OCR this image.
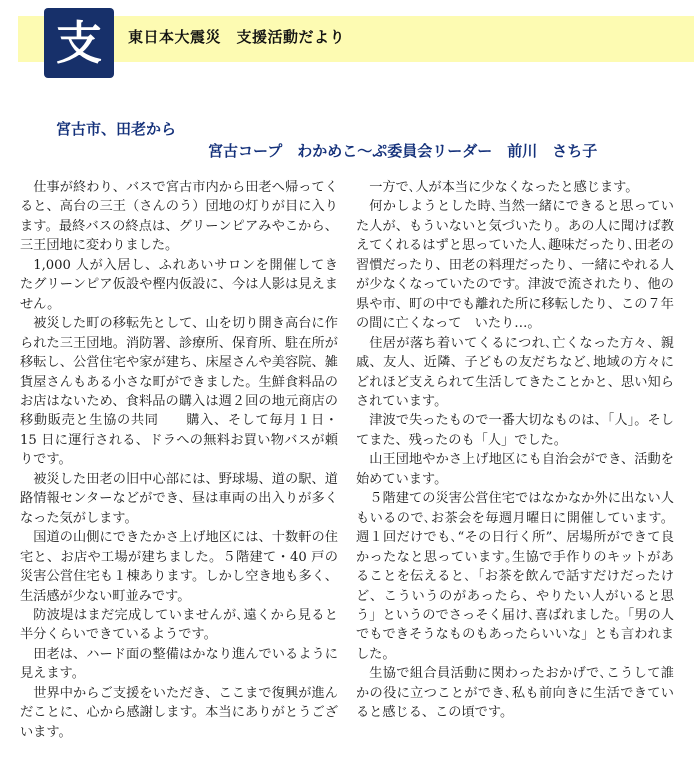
支	東日本大震災　支援活動だより
宮古市、田老から
宮古コープ　わかめこ〜ぷ委員会リーダー　前川　さち子

仕事が終わり、バスで宮古市内から田老へ帰ってくると、高台の三王（さんのう）団地の灯りが目に入ります。最終バスの終点は、グリーンピアみやこから、三王団地に変わりました。

1,000 人が入居し、ふれあいサロンを開催してきたグリーンピア仮設や樫内仮設に、今は人影は見えません。

被災した町の移転先として、山を切り開き高台に作られた三王団地。消防署、診療所、保育所、駐在所が移転し、公営住宅や家が建ち、床屋さんや美容院、雑貨屋さんもある小さな町ができました。生鮮食料品のお店はないため、食料品の購入は週２回の地元商店の移動販売と生協の共同　　購入、そして毎月１日・15 日に運行される、ドラへの無料お買い物バスが頼りです。

被災した田老の旧中心部には、野球場、道の駅、道路情報センターなどができ、昼は車両の出入りが多くなった気がします。

国道の山側にできたかさ上げ地区には、十数軒の住宅と、お店や工場が建ちました。５階建て・40 戸の災害公営住宅も１棟あります。しかし空き地も多く、生活感が少ない町並みです。

防波堤はまだ完成していませんが､遠くから見ると半分くらいできているようです。

田老は、ハード面の整備はかなり進んでいるように見えます。

世界中からご支援をいただき、ここまで復興が進んだことに、心から感謝します。本当にありがとうございます。

一方で､人が本当に少なくなったと感じます。

何かしようとした時､当然一緒にできると思っていた人が、もういないと気づいたり。あの人に聞けば教えてくれるはずと思っていた人､趣味だったり､田老の習慣だったり、田老の料理だったり、一緒にやれる人が少なくなっていたのです。津波で流されたり、他の県や市、町の中でも離れた所に移転したり、この７年の間に亡くなって　いたり…。

住居が落ち着いてくるにつれ､亡くなった方々、親戚、友人、近隣、子どもの友だちなど､地域の方々にどれほど支えられて生活してきたことかと、思い知らされています。

津波で失ったもので一番大切なものは、「人」。そしてまた、残ったのも「人」でした。

山王団地やかさ上げ地区にも自治会ができ、活動を始めています。

５階建ての災害公営住宅ではなかなか外に出ない人もいるので､お茶会を毎週月曜日に開催しています。週１回だけでも､“その日行く所”、居場所ができて良かったなと思っています｡生協で手作りのキットがあることを伝えると､「お茶を飲んで話すだけだったけど、こういうのがあったら、やりたい人がいると思う」というのでさっそく届け､喜ばれました。「男の人でもできそうなものもあったらいいな」とも言われました。

生協で組合員活動に関わったおかげで､こうして誰かの役に立つことができ､私も前向きに生活できていると感じる、この頃です。
